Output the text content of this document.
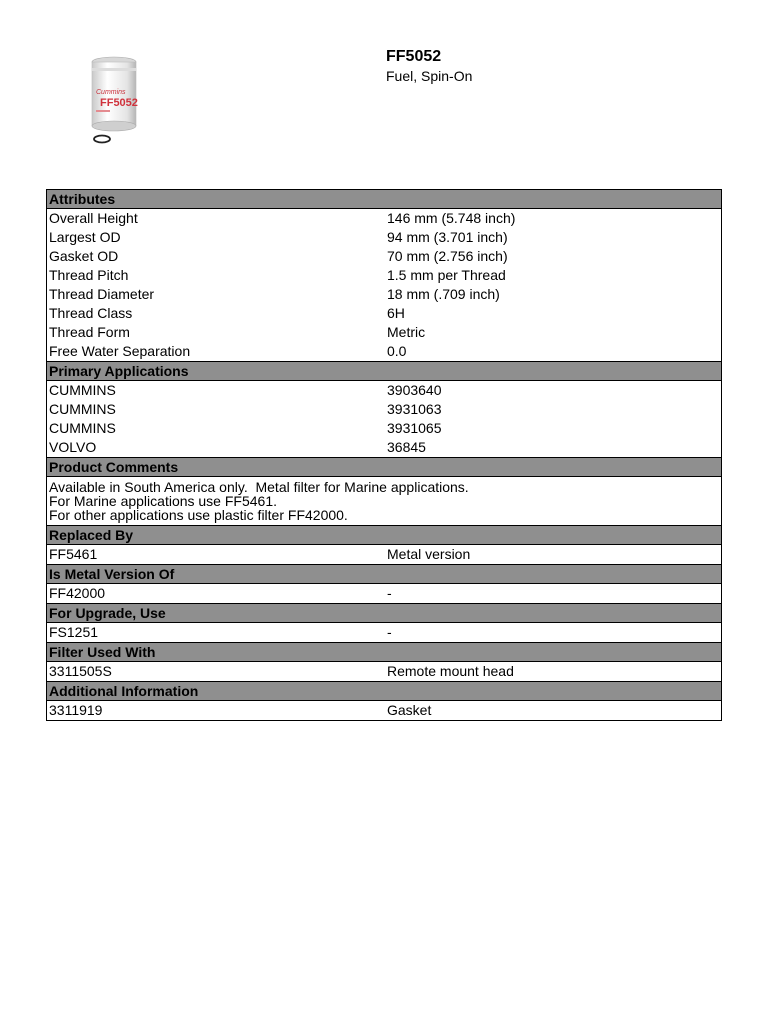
Cummins
FF5052
FF5052
Fuel, Spin-On
Attributes	
Overall Height	146 mm (5.748 inch)
Largest OD	94 mm (3.701 inch)
Gasket OD	70 mm (2.756 inch)
Thread Pitch	1.5 mm per Thread
Thread Diameter	18 mm (.709 inch)
Thread Class	6H
Thread Form	Metric
Free Water Separation	0.0
Primary Applications	
CUMMINS	3903640
CUMMINS	3931063
CUMMINS	3931065
VOLVO	36845
Product Comments	

Available in South America only.  Metal filter for Marine applications.
For Marine applications use FF5461.
For other applications use plastic filter FF42000.	

Replaced By	
FF5461	Metal version
Is Metal Version Of	
FF42000	-
For Upgrade, Use	
FS1251	-
Filter Used With	
3311505S	Remote mount head
Additional Information	
3311919	Gasket
